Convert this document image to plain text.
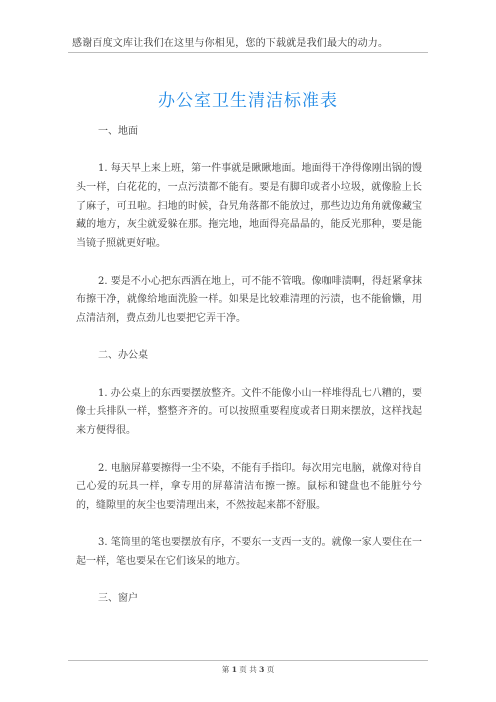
感谢百度文库让我们在这里与你相见，您的下载就是我们最大的动力。
办公室卫生清洁标准表

一、地面

1. 每天早上来上班，第一件事就是瞅瞅地面。地面得干净得像刚出锅的馒头一样，白花花的，一点污渍都不能有。要是有脚印或者小垃圾，就像脸上长了麻子，可丑啦。扫地的时候，旮旯角落都不能放过，那些边边角角就像藏宝藏的地方，灰尘就爱躲在那。拖完地，地面得亮晶晶的，能反光那种，要是能当镜子照就更好啦。

2. 要是不小心把东西洒在地上，可不能不管哦。像咖啡渍啊，得赶紧拿抹布擦干净，就像给地面洗脸一样。如果是比较难清理的污渍，也不能偷懒，用点清洁剂，费点劲儿也要把它弄干净。

二、办公桌

1. 办公桌上的东西要摆放整齐。文件不能像小山一样堆得乱七八糟的，要像士兵排队一样，整整齐齐的。可以按照重要程度或者日期来摆放，这样找起来方便得很。

2. 电脑屏幕要擦得一尘不染，不能有手指印。每次用完电脑，就像对待自己心爱的玩具一样，拿专用的屏幕清洁布擦一擦。鼠标和键盘也不能脏兮兮的，缝隙里的灰尘也要清理出来，不然按起来都不舒服。

3. 笔筒里的笔也要摆放有序，不要东一支西一支的。就像一家人要住在一起一样，笔也要呆在它们该呆的地方。

三、窗户

第 1 页 共 3 页
